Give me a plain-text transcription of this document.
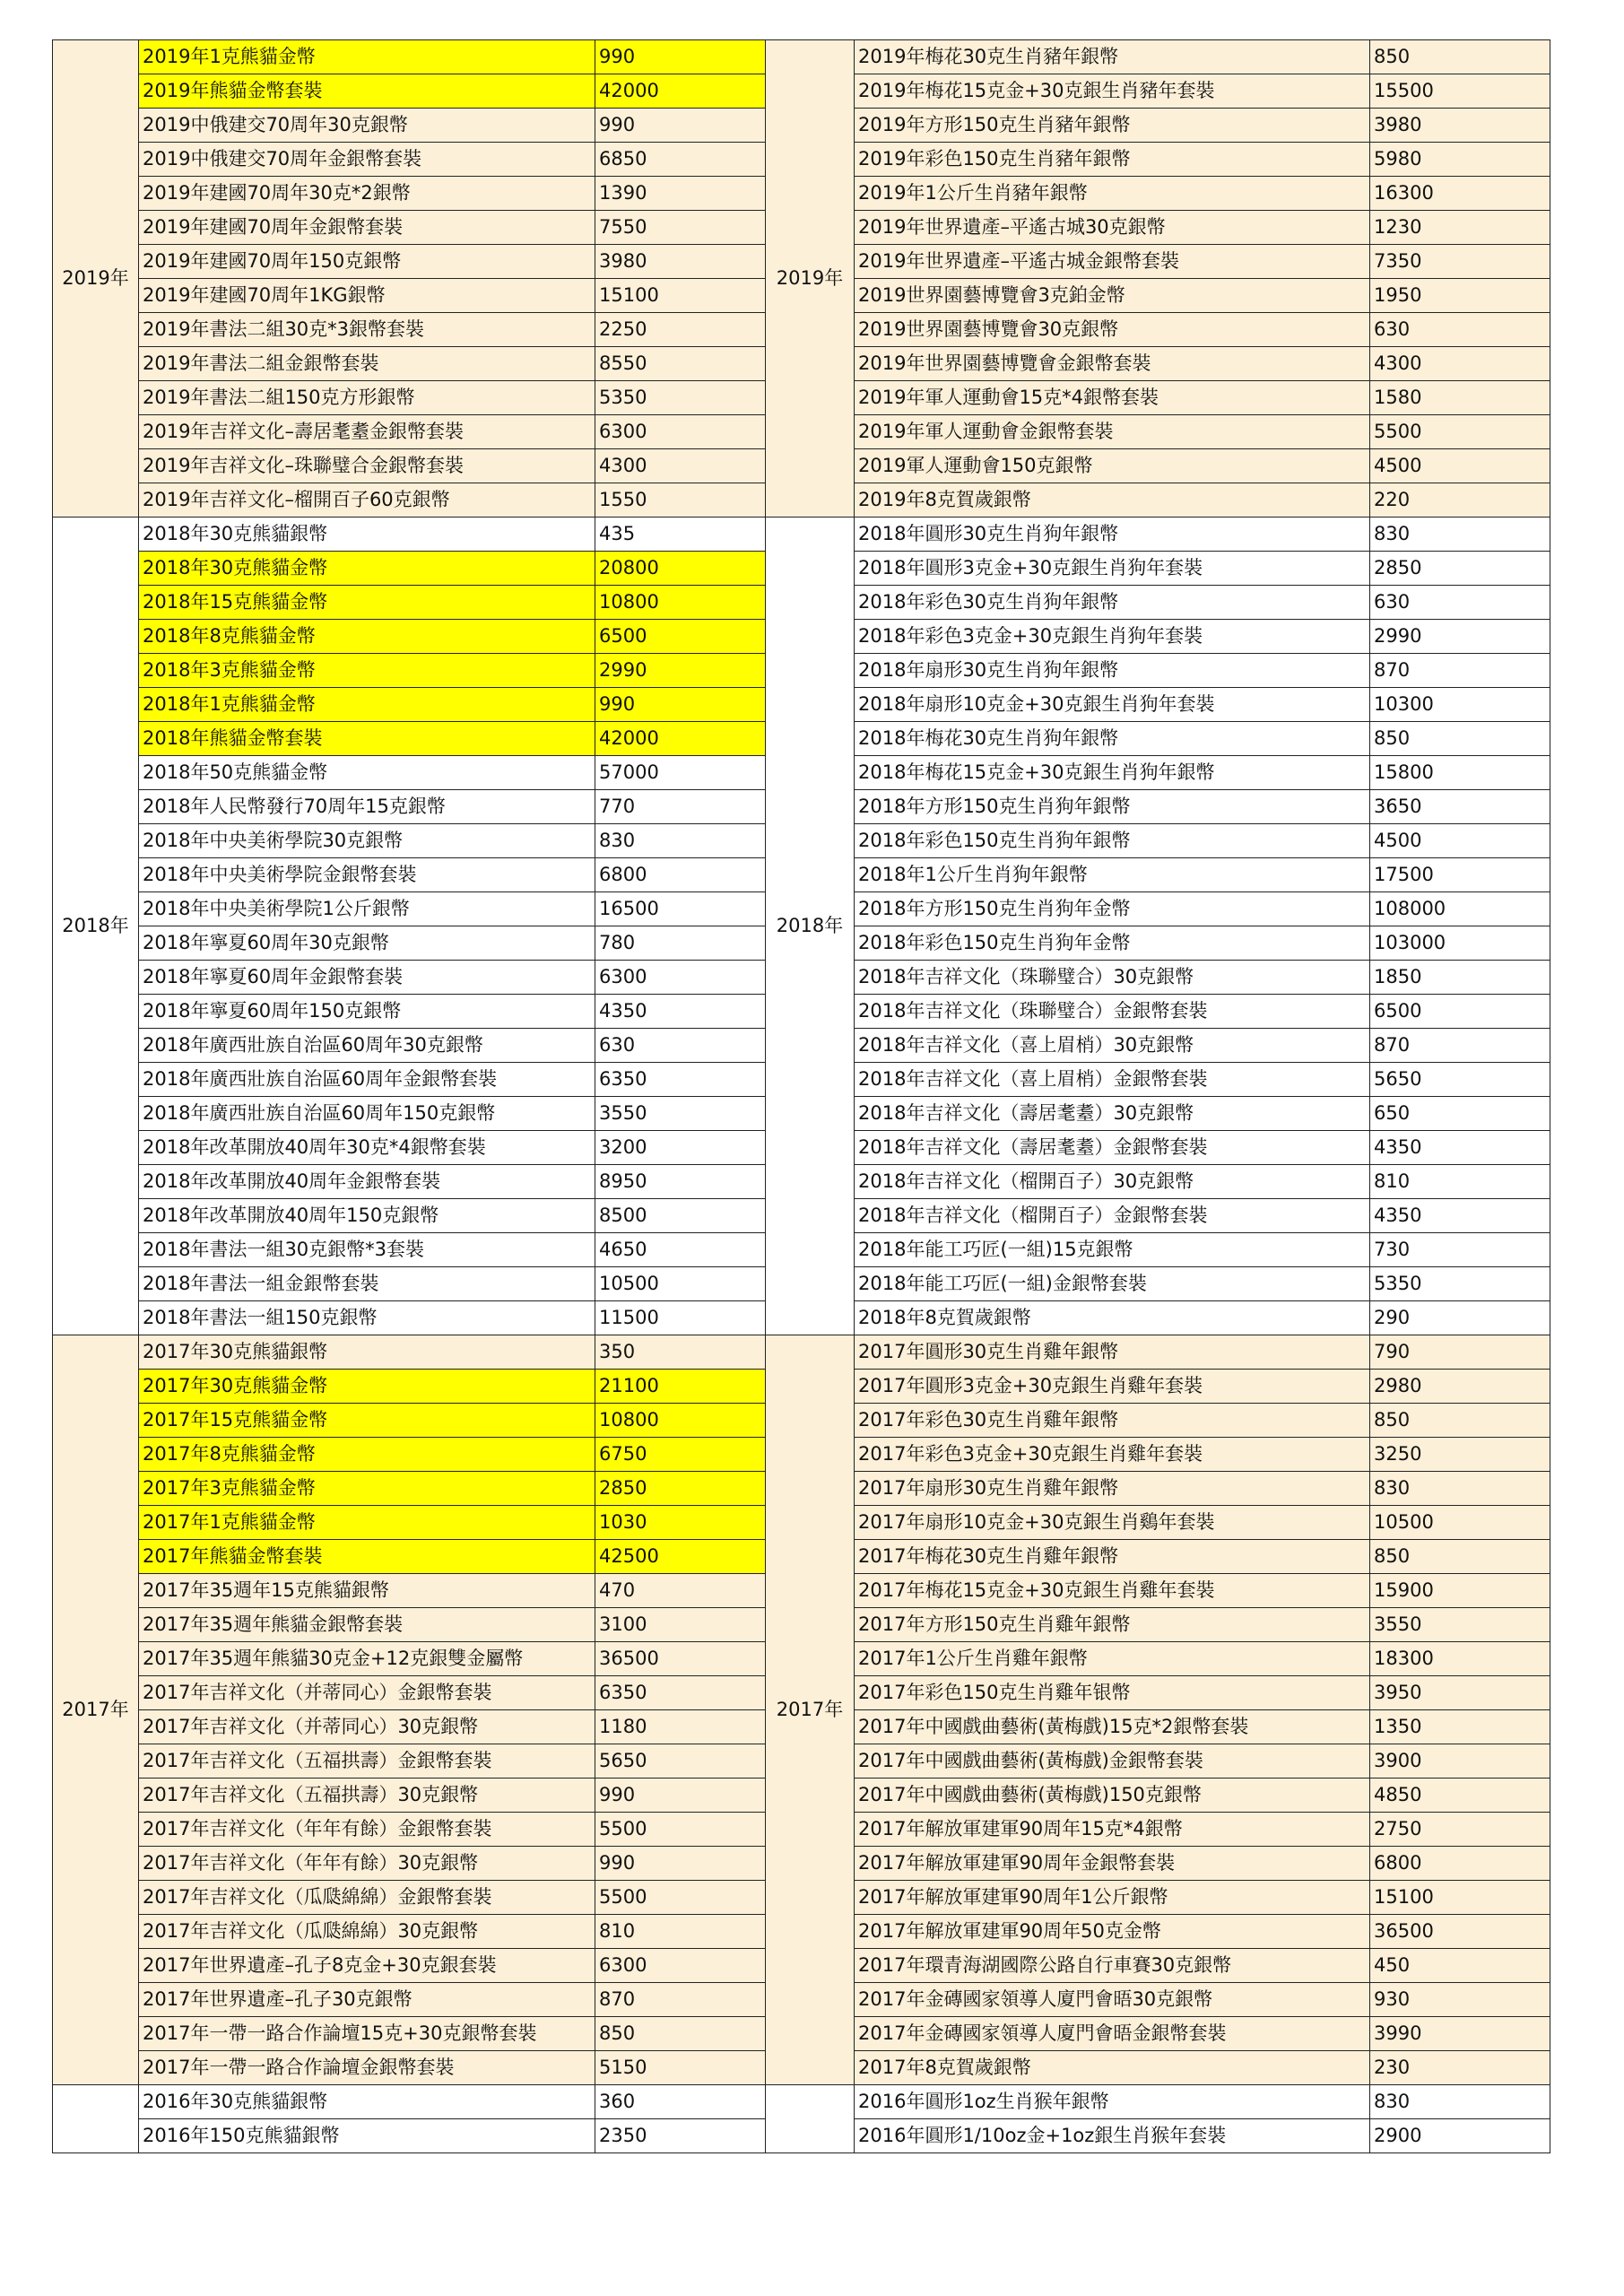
2019年	2019年1克熊貓金幣	990	2019年	2019年梅花30克生肖豬年銀幣	850
	2019年熊貓金幣套裝	42000		2019年梅花15克金+30克銀生肖豬年套裝	15500
	2019中俄建交70周年30克銀幣	990		2019年方形150克生肖豬年銀幣	3980
	2019中俄建交70周年金銀幣套裝	6850		2019年彩色150克生肖豬年銀幣	5980
	2019年建國70周年30克*2銀幣	1390		2019年1公斤生肖豬年銀幣	16300
	2019年建國70周年金銀幣套裝	7550		2019年世界遺產–平遙古城30克銀幣	1230
	2019年建國70周年150克銀幣	3980		2019年世界遺產–平遙古城金銀幣套裝	7350
	2019年建國70周年1KG銀幣	15100		2019世界園藝博覽會3克鉑金幣	1950
	2019年書法二組30克*3銀幣套裝	2250		2019世界園藝博覽會30克銀幣	630
	2019年書法二組金銀幣套裝	8550		2019年世界園藝博覽會金銀幣套裝	4300
	2019年書法二組150克方形銀幣	5350		2019年軍人運動會15克*4銀幣套裝	1580
	2019年吉祥文化–壽居耄耋金銀幣套裝	6300		2019年軍人運動會金銀幣套裝	5500
	2019年吉祥文化–珠聯璧合金銀幣套裝	4300		2019軍人運動會150克銀幣	4500
	2019年吉祥文化–榴開百子60克銀幣	1550		2019年8克賀歲銀幣	220
2018年	2018年30克熊貓銀幣	435	2018年	2018年圓形30克生肖狗年銀幣	830
	2018年30克熊貓金幣	20800		2018年圓形3克金+30克銀生肖狗年套裝	2850
	2018年15克熊貓金幣	10800		2018年彩色30克生肖狗年銀幣	630
	2018年8克熊貓金幣	6500		2018年彩色3克金+30克銀生肖狗年套裝	2990
	2018年3克熊貓金幣	2990		2018年扇形30克生肖狗年銀幣	870
	2018年1克熊貓金幣	990		2018年扇形10克金+30克銀生肖狗年套裝	10300
	2018年熊貓金幣套裝	42000		2018年梅花30克生肖狗年銀幣	850
	2018年50克熊貓金幣	57000		2018年梅花15克金+30克銀生肖狗年銀幣	15800
	2018年人民幣發行70周年15克銀幣	770		2018年方形150克生肖狗年銀幣	3650
	2018年中央美術學院30克銀幣	830		2018年彩色150克生肖狗年銀幣	4500
	2018年中央美術學院金銀幣套裝	6800		2018年1公斤生肖狗年銀幣	17500
	2018年中央美術學院1公斤銀幣	16500		2018年方形150克生肖狗年金幣	108000
	2018年寧夏60周年30克銀幣	780		2018年彩色150克生肖狗年金幣	103000
	2018年寧夏60周年金銀幣套裝	6300		2018年吉祥文化（珠聯璧合）30克銀幣	1850
	2018年寧夏60周年150克銀幣	4350		2018年吉祥文化（珠聯璧合）金銀幣套裝	6500
	2018年廣西壯族自治區60周年30克銀幣	630		2018年吉祥文化（喜上眉梢）30克銀幣	870
	2018年廣西壯族自治區60周年金銀幣套裝	6350		2018年吉祥文化（喜上眉梢）金銀幣套裝	5650
	2018年廣西壯族自治區60周年150克銀幣	3550		2018年吉祥文化（壽居耄耋）30克銀幣	650
	2018年改革開放40周年30克*4銀幣套裝	3200		2018年吉祥文化（壽居耄耋）金銀幣套裝	4350
	2018年改革開放40周年金銀幣套裝	8950		2018年吉祥文化（榴開百子）30克銀幣	810
	2018年改革開放40周年150克銀幣	8500		2018年吉祥文化（榴開百子）金銀幣套裝	4350
	2018年書法一組30克銀幣*3套裝	4650		2018年能工巧匠(一組)15克銀幣	730
	2018年書法一組金銀幣套裝	10500		2018年能工巧匠(一組)金銀幣套裝	5350
	2018年書法一組150克銀幣	11500		2018年8克賀歲銀幣	290
2017年	2017年30克熊貓銀幣	350	2017年	2017年圓形30克生肖雞年銀幣	790
	2017年30克熊貓金幣	21100		2017年圓形3克金+30克銀生肖雞年套裝	2980
	2017年15克熊貓金幣	10800		2017年彩色30克生肖雞年銀幣	850
	2017年8克熊貓金幣	6750		2017年彩色3克金+30克銀生肖雞年套裝	3250
	2017年3克熊貓金幣	2850		2017年扇形30克生肖雞年銀幣	830
	2017年1克熊貓金幣	1030		2017年扇形10克金+30克銀生肖鷄年套裝	10500
	2017年熊貓金幣套裝	42500		2017年梅花30克生肖雞年銀幣	850
	2017年35週年15克熊貓銀幣	470		2017年梅花15克金+30克銀生肖雞年套裝	15900
	2017年35週年熊貓金銀幣套裝	3100		2017年方形150克生肖雞年銀幣	3550
	2017年35週年熊貓30克金+12克銀雙金屬幣	36500		2017年1公斤生肖雞年銀幣	18300
	2017年吉祥文化（并蒂同心）金銀幣套裝	6350		2017年彩色150克生肖雞年银幣	3950
	2017年吉祥文化（并蒂同心）30克銀幣	1180		2017年中國戲曲藝術(黃梅戲)15克*2銀幣套裝	1350
	2017年吉祥文化（五福拱壽）金銀幣套裝	5650		2017年中國戲曲藝術(黃梅戲)金銀幣套裝	3900
	2017年吉祥文化（五福拱壽）30克銀幣	990		2017年中國戲曲藝術(黃梅戲)150克銀幣	4850
	2017年吉祥文化（年年有餘）金銀幣套裝	5500		2017年解放軍建軍90周年15克*4銀幣	2750
	2017年吉祥文化（年年有餘）30克銀幣	990		2017年解放軍建軍90周年金銀幣套裝	6800
	2017年吉祥文化（瓜瓞綿綿）金銀幣套裝	5500		2017年解放軍建軍90周年1公斤銀幣	15100
	2017年吉祥文化（瓜瓞綿綿）30克銀幣	810		2017年解放軍建軍90周年50克金幣	36500
	2017年世界遺產–孔子8克金+30克銀套裝	6300		2017年環青海湖國際公路自行車賽30克銀幣	450
	2017年世界遺產–孔子30克銀幣	870		2017年金磚國家領導人廈門會晤30克銀幣	930
	2017年一帶一路合作論壇15克+30克銀幣套裝	850		2017年金磚國家領導人廈門會晤金銀幣套裝	3990
	2017年一帶一路合作論壇金銀幣套裝	5150		2017年8克賀歲銀幣	230
	2016年30克熊貓銀幣	360		2016年圓形1oz生肖猴年銀幣	830
	2016年150克熊貓銀幣	2350		2016年圓形1/10oz金+1oz銀生肖猴年套裝	2900
